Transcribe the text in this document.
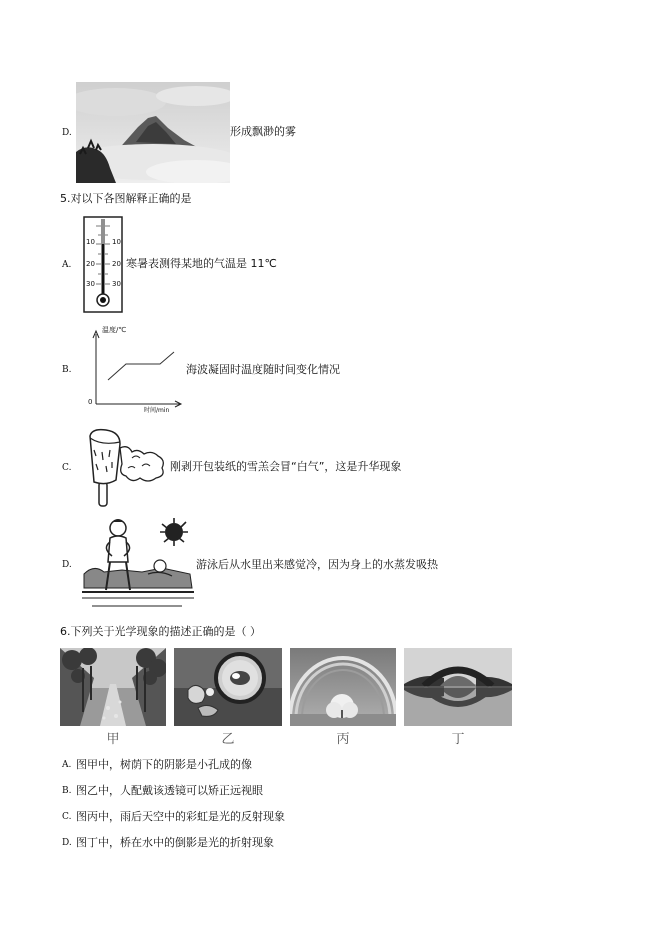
D.	形成飘渺的雾
5.对以下各图解释正确的是
A.
10
20
30
10
20
30
寒暑表测得某地的气温是 11℃
B.
温度/℃
0
时间/min
海波凝固时温度随时间变化情况
C.	刚剥开包装纸的雪羔会冒“白气”，这是升华现象
D.	游泳后从水里出来感觉冷，因为身上的水蒸发吸热
6.下列关于光学现象的描述正确的是（ ）
甲	乙	丙	丁
A. 图甲中，树荫下的阴影是小孔成的像
B. 图乙中，人配戴该透镜可以矫正远视眼
C. 图丙中，雨后天空中的彩虹是光的反射现象
D. 图丁中，桥在水中的倒影是光的折射现象
